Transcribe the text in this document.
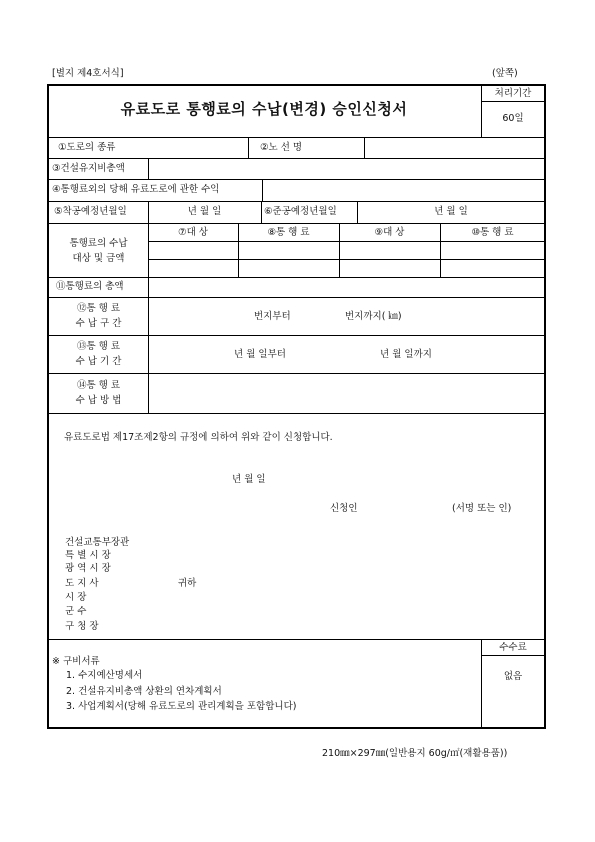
[별지 제4호서식]	(앞쪽)
유료도로 통행료의 수납(변경) 승인신청서
처리기간
60일
①도로의 종류	②노 선 명
③건설유지비총액
④통행료외의 당해 유료도로에 관한 수익
⑤착공예정년월일	년 월 일	⑥준공예정년월일	년 월 일
통행료의 수납
대상 및 금액
⑦대 상	⑧통 행 료	⑨대 상	⑩통 행 료
⑪통행료의 총액
⑫통 행 료
수 납 구 간
번지부터	번지까지( ㎞)
⑬통 행 료
수 납 기 간
년 월 일부터	년 월 일까지
⑭통 행 료
수 납 방 법
유료도로법 제17조제2항의 규정에 의하여 위와 같이 신청합니다.
년 월 일
신청인	(서명 또는 인)
건설교통부장관
특 별 시 장
광 역 시 장
도 지 사
시 장
군 수
구 청 장
귀하
수수료
없음
※ 구비서류
1. 수지예산명세서
2. 건설유지비총액 상환의 연차계획서
3. 사업계획서(당해 유료도로의 관리계획을 포함합니다)
210㎜×297㎜(일반용지 60g/㎡(재활용품))
